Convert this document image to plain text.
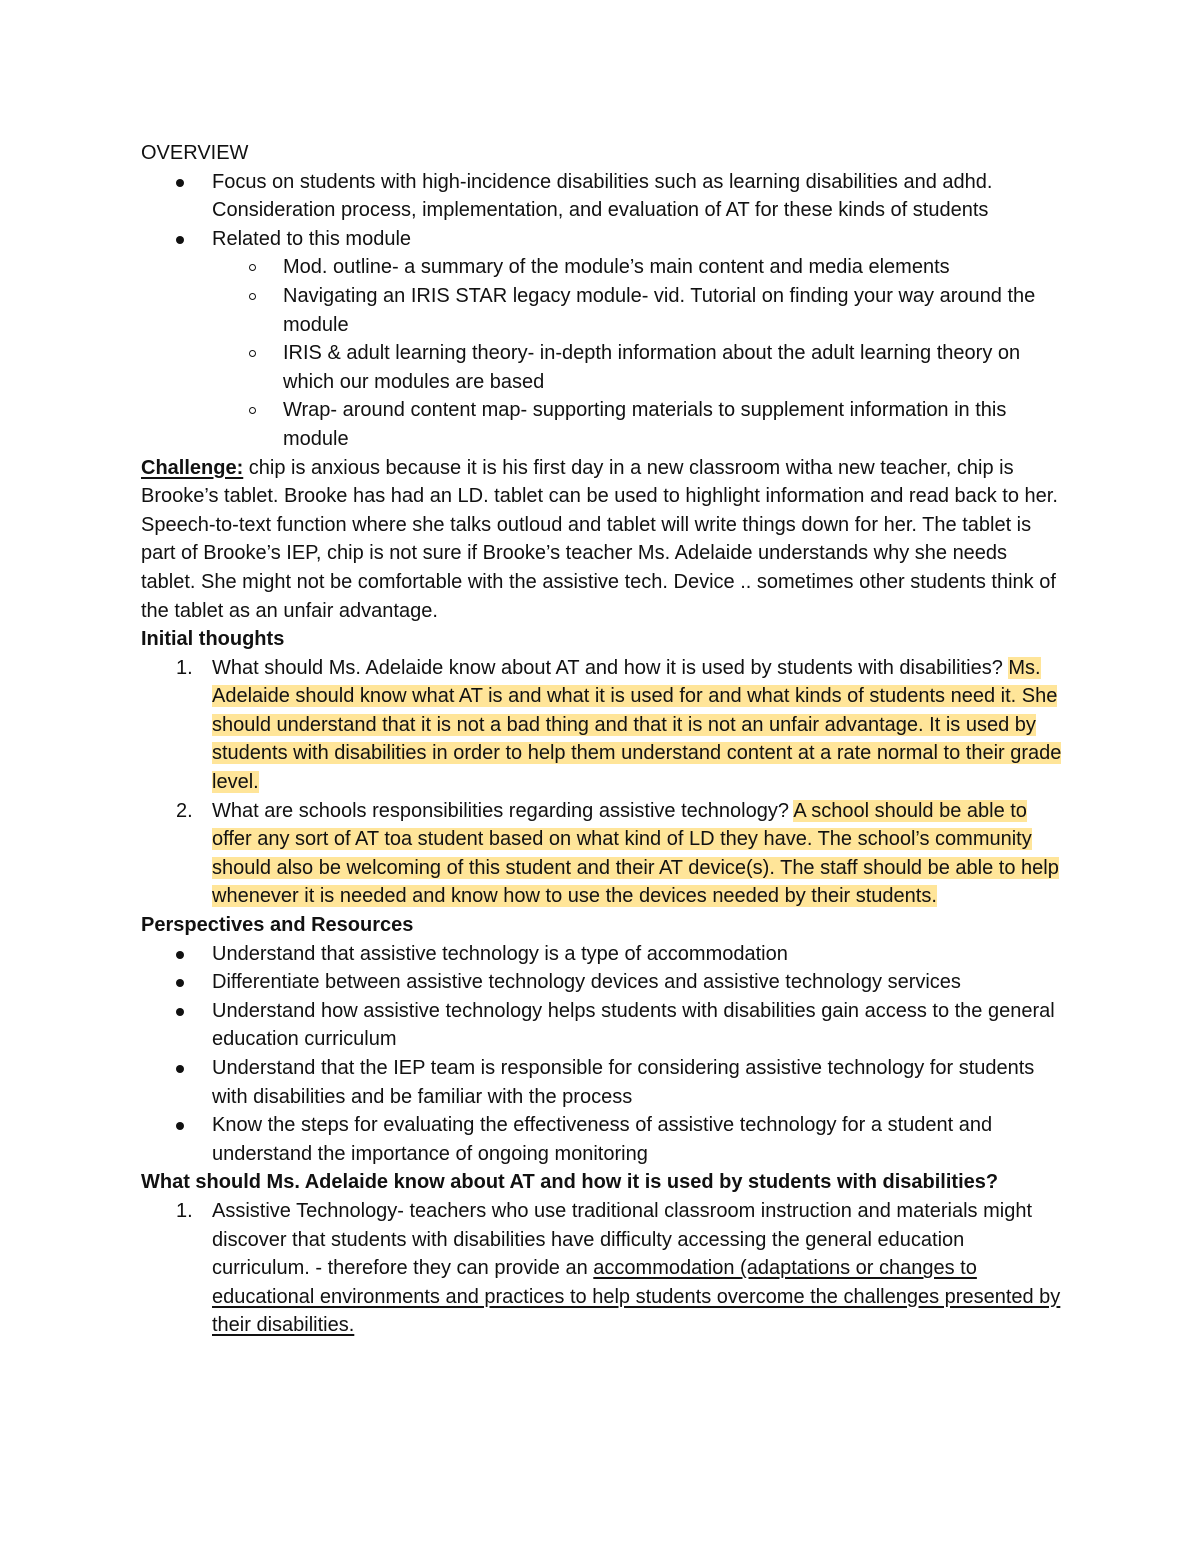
OVERVIEW

Focus on students with high-incidence disabilities such as learning disabilities and adhd. Consideration process, implementation, and evaluation of AT for these kinds of students
Related to this module
Mod. outline- a summary of the module’s main content and media elements
Navigating an IRIS STAR legacy module- vid. Tutorial on finding your way around the module
IRIS & adult learning theory- in-depth information about the adult learning theory on which our modules are based
Wrap- around content map- supporting materials to supplement information in this module

Challenge: chip is anxious because it is his first day in a new classroom witha new teacher, chip is Brooke’s tablet. Brooke has had an LD. tablet can be used to highlight information and read back to her. Speech-to-text function where she talks outloud and tablet will write things down for her. The tablet is part of Brooke’s IEP, chip is not sure if Brooke’s teacher Ms. Adelaide understands why she needs tablet. She might not be comfortable with the assistive tech. Device .. sometimes other students think of the tablet as an unfair advantage.

Initial thoughts

1. What should Ms. Adelaide know about AT and how it is used by students with disabilities? Ms. Adelaide should know what AT is and what it is used for and what kinds of students need it. She should understand that it is not a bad thing and that it is not an unfair advantage. It is used by students with disabilities in order to help them understand content at a rate normal to their grade level.
2. What are schools responsibilities regarding assistive technology? A school should be able to offer any sort of AT toa student based on what kind of LD they have. The school’s community should also be welcoming of this student and their AT device(s). The staff should be able to help whenever it is needed and know how to use the devices needed by their students.

Perspectives and Resources

Understand that assistive technology is a type of accommodation
Differentiate between assistive technology devices and assistive technology services
Understand how assistive technology helps students with disabilities gain access to the general education curriculum
Understand that the IEP team is responsible for considering assistive technology for students with disabilities and be familiar with the process
Know the steps for evaluating the effectiveness of assistive technology for a student and understand the importance of ongoing monitoring

What should Ms. Adelaide know about AT and how it is used by students with disabilities?

1. Assistive Technology- teachers who use traditional classroom instruction and materials might discover that students with disabilities have difficulty accessing the general education curriculum. - therefore they can provide an accommodation (adaptations or changes to educational environments and practices to help students overcome the challenges presented by their disabilities.
